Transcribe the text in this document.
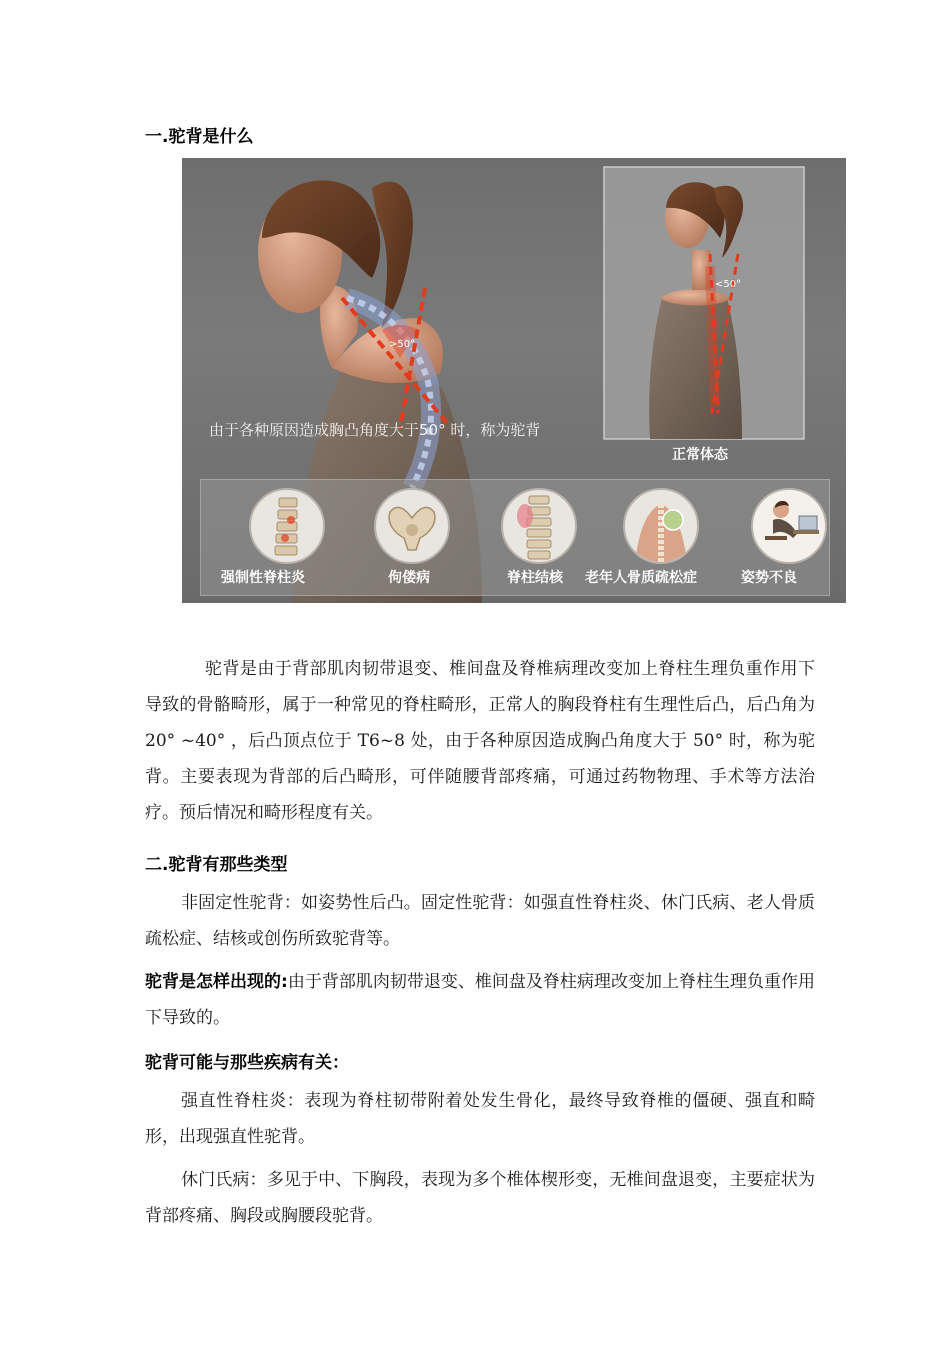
一.驼背是什么
>50°
<50°
由于各种原因造成胸凸角度大于50° 时，称为驼背
正常体态
强制性脊柱炎	佝偻病	脊柱结核 老年人骨质疏松症	姿势不良
驼背是由于背部肌肉韧带退变、椎间盘及脊椎病理改变加上脊柱生理负重作用下导致的骨骼畸形，属于一种常见的脊柱畸形，正常人的胸段脊柱有生理性后凸，后凸角为 20° ~40° ，后凸顶点位于 T6~8 处，由于各种原因造成胸凸角度大于 50° 时，称为驼背。主要表现为背部的后凸畸形，可伴随腰背部疼痛，可通过药物物理、手术等方法治疗。预后情况和畸形程度有关。
二.驼背有那些类型
非固定性驼背：如姿势性后凸。固定性驼背：如强直性脊柱炎、休门氏病、老人骨质疏松症、结核或创伤所致驼背等。
驼背是怎样出现的:由于背部肌肉韧带退变、椎间盘及脊柱病理改变加上脊柱生理负重作用下导致的。
驼背可能与那些疾病有关：
强直性脊柱炎：表现为脊柱韧带附着处发生骨化，最终导致脊椎的僵硬、强直和畸形，出现强直性驼背。
休门氏病：多见于中、下胸段，表现为多个椎体楔形变，无椎间盘退变，主要症状为背部疼痛、胸段或胸腰段驼背。
